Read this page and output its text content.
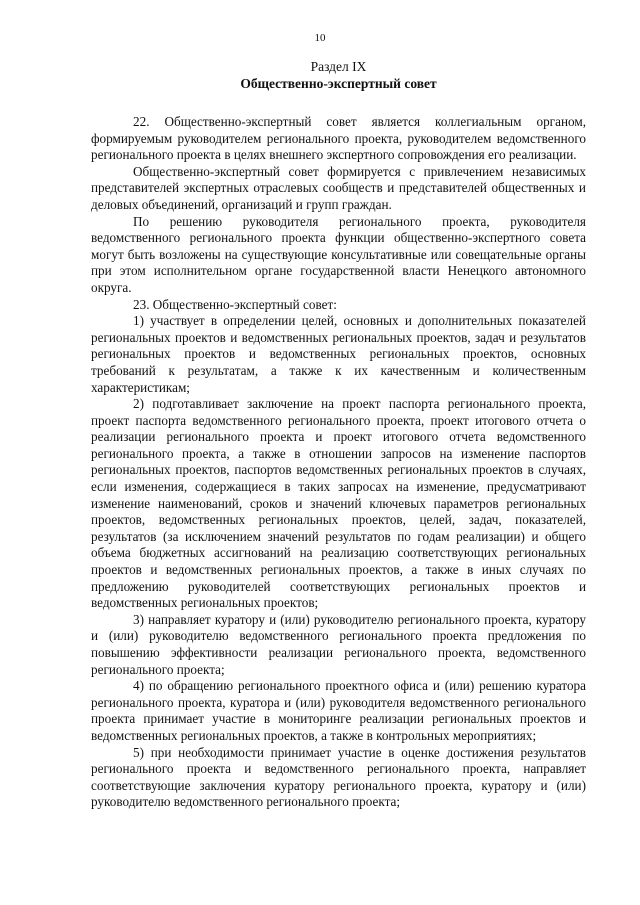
10
Раздел IX
Общественно-экспертный совет

22. Общественно-экспертный совет является коллегиальным органом, формируемым руководителем регионального проекта, руководителем ведомственного регионального проекта в целях внешнего экспертного сопровождения его реализации.

Общественно-экспертный совет формируется с привлечением независимых представителей экспертных отраслевых сообществ и представителей общественных и деловых объединений, организаций и групп граждан.

По решению руководителя регионального проекта, руководителя ведомственного регионального проекта функции общественно-экспертного совета могут быть возложены на существующие консультативные или совещательные органы при этом исполнительном органе государственной власти Ненецкого автономного округа.

23. Общественно-экспертный совет:

1) участвует в определении целей, основных и дополнительных показателей региональных проектов и ведомственных региональных проектов, задач и результатов региональных проектов и ведомственных региональных проектов, основных требований к результатам, а также к их качественным и количественным характеристикам;

2) подготавливает заключение на проект паспорта регионального проекта, проект паспорта ведомственного регионального проекта, проект итогового отчета о реализации регионального проекта и проект итогового отчета ведомственного регионального проекта, а также в отношении запросов на изменение паспортов региональных проектов, паспортов ведомственных региональных проектов в случаях, если изменения, содержащиеся в таких запросах на изменение, предусматривают изменение наименований, сроков и значений ключевых параметров региональных проектов, ведомственных региональных проектов, целей, задач, показателей, результатов (за исключением значений результатов по годам реализации) и общего объема бюджетных ассигнований на реализацию соответствующих региональных проектов и ведомственных региональных проектов, а также в иных случаях по предложению руководителей соответствующих региональных проектов и ведомственных региональных проектов;

3) направляет куратору и (или) руководителю регионального проекта, куратору и (или) руководителю ведомственного регионального проекта предложения по повышению эффективности реализации регионального проекта, ведомственного регионального проекта;

4) по обращению регионального проектного офиса и (или) решению куратора регионального проекта, куратора и (или) руководителя ведомственного регионального проекта принимает участие в мониторинге реализации региональных проектов и ведомственных региональных проектов, а также в контрольных мероприятиях;

5) при необходимости принимает участие в оценке достижения результатов регионального проекта и ведомственного регионального проекта, направляет соответствующие заключения куратору регионального проекта, куратору и (или) руководителю ведомственного регионального проекта;
